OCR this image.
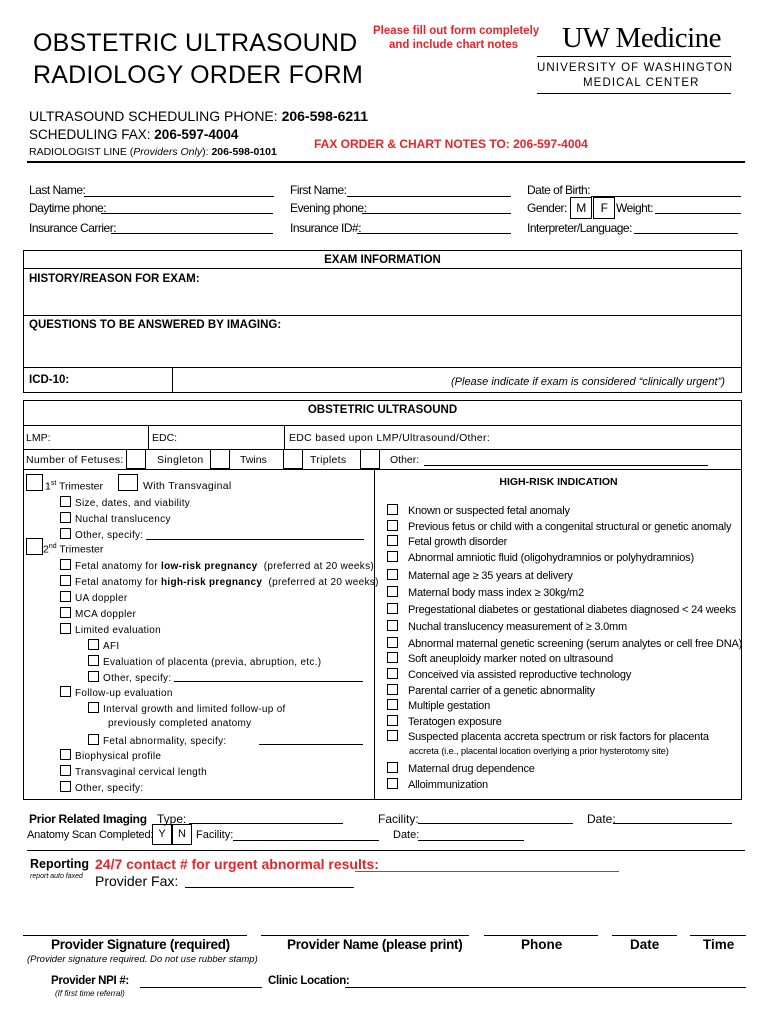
OBSTETRIC ULTRASOUND
RADIOLOGY ORDER FORM
Please fill out form completely
and include chart notes UW Medicine
UNIVERSITY OF WASHINGTON
MEDICAL CENTER
ULTRASOUND SCHEDULING PHONE: 206-598-6211
SCHEDULING FAX: 206-597-4004
RADIOLOGIST LINE (Providers Only): 206-598-0101
FAX ORDER & CHART NOTES TO: 206-597-4004
Last Name:	First Name:	Date of Birth:
Daytime phone:	Evening phone:	Gender: M	F Weight:
Insurance Carrier:	Insurance ID#:	Interpreter/Language:
EXAM INFORMATION
HISTORY/REASON FOR EXAM:
QUESTIONS TO BE ANSWERED BY IMAGING:
ICD-10:	(Please indicate if exam is considered “clinically urgent”)
OBSTETRIC ULTRASOUND
LMP:	EDC:	EDC based upon LMP/Ultrasound/Other:
Number of Fetuses:	Singleton	Twins	Triplets	Other:
1st Trimester	With Transvaginal
Size, dates, and viability
Nuchal translucency
Other, specify:
2nd Trimester
Fetal anatomy for low-risk pregnancy (preferred at 20 weeks)
Fetal anatomy for high-risk pregnancy (preferred at 20 weeks)
UA doppler
MCA doppler
Limited evaluation
AFI
Evaluation of placenta (previa, abruption, etc.)
Other, specify:
Follow-up evaluation
Interval growth and limited follow-up of
previously completed anatomy
Fetal abnormality, specify:
Biophysical profile
Transvaginal cervical length
Other, specify:
HIGH-RISK INDICATION
Known or suspected fetal anomaly
Previous fetus or child with a congenital structural or genetic anomaly
Fetal growth disorder
Abnormal amniotic fluid (oligohydramnios or polyhydramnios)
Maternal age ≥ 35 years at delivery
Maternal body mass index ≥ 30kg/m2
Pregestational diabetes or gestational diabetes diagnosed < 24 weeks
Nuchal translucency measurement of ≥ 3.0mm
Abnormal maternal genetic screening (serum analytes or cell free DNA)
Soft aneuploidy marker noted on ultrasound
Conceived via assisted reproductive technology
Parental carrier of a genetic abnormality
Multiple gestation
Teratogen exposure
Suspected placenta accreta spectrum or risk factors for placenta
accreta (i.e., placental location overlying a prior hysterotomy site)
Maternal drug dependence
Alloimmunization
Prior Related Imaging Type:	Facility:	Date:
Anatomy Scan Completed: Y	N Facility:	Date:
Reporting
report auto faxed
24/7 contact # for urgent abnormal results:
Provider Fax:
Provider Signature (required)	Provider Name (please print)	Phone	Date	Time
(Provider signature required. Do not use rubber stamp)
Provider NPI #:
(If first time referral)
Clinic Location:
